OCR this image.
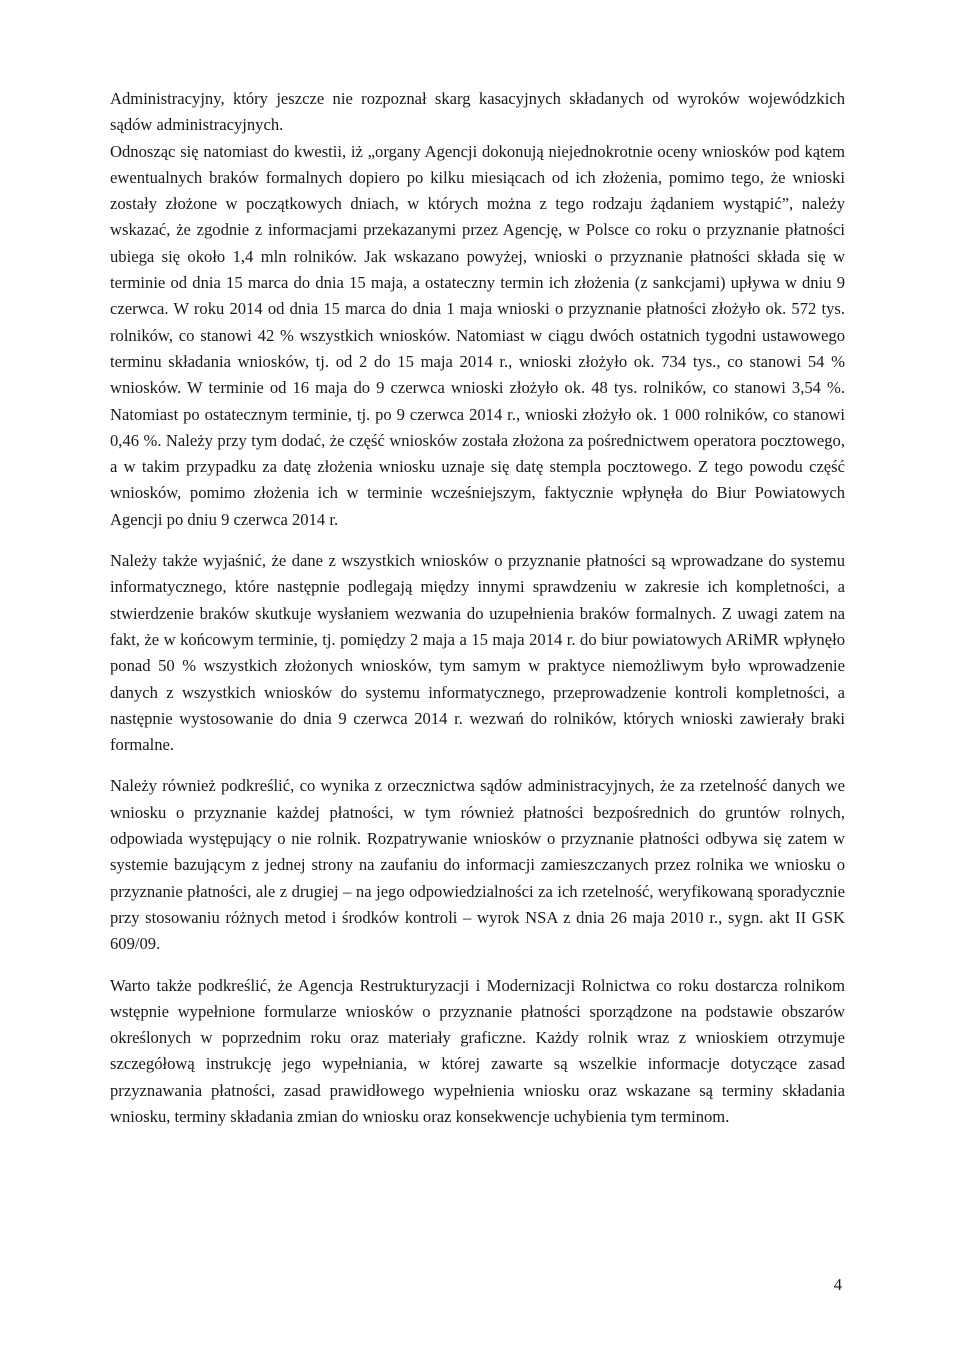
Administracyjny, który jeszcze nie rozpoznał skarg kasacyjnych składanych od wyroków wojewódzkich sądów administracyjnych.

Odnosząc się natomiast do kwestii, iż „organy Agencji dokonują niejednokrotnie oceny wniosków pod kątem ewentualnych braków formalnych dopiero po kilku miesiącach od ich złożenia, pomimo tego, że wnioski zostały złożone w początkowych dniach, w których można z tego rodzaju żądaniem wystąpić”, należy wskazać, że zgodnie z informacjami przekazanymi przez Agencję, w Polsce co roku o przyznanie płatności ubiega się około 1,4 mln rolników. Jak wskazano powyżej, wnioski o przyznanie płatności składa się w terminie od dnia 15 marca do dnia 15 maja, a ostateczny termin ich złożenia (z sankcjami) upływa w dniu 9 czerwca. W roku 2014 od dnia 15 marca do dnia 1 maja wnioski o przyznanie płatności złożyło ok. 572 tys. rolników, co stanowi 42 % wszystkich wniosków. Natomiast w ciągu dwóch ostatnich tygodni ustawowego terminu składania wniosków, tj. od 2 do 15 maja 2014 r., wnioski złożyło ok. 734 tys., co stanowi 54 % wniosków. W terminie od 16 maja do 9 czerwca wnioski złożyło ok. 48 tys. rolników, co stanowi 3,54 %. Natomiast po ostatecznym terminie, tj. po 9 czerwca 2014 r., wnioski złożyło ok. 1 000 rolników, co stanowi 0,46 %. Należy przy tym dodać, że część wniosków została złożona za pośrednictwem operatora pocztowego, a w takim przypadku za datę złożenia wniosku uznaje się datę stempla pocztowego. Z tego powodu część wniosków, pomimo złożenia ich w terminie wcześniejszym, faktycznie wpłynęła do Biur Powiatowych Agencji po dniu 9 czerwca 2014 r.

Należy także wyjaśnić, że dane z wszystkich wniosków o przyznanie płatności są wprowadzane do systemu informatycznego, które następnie podlegają między innymi sprawdzeniu w zakresie ich kompletności, a stwierdzenie braków skutkuje wysłaniem wezwania do uzupełnienia braków formalnych. Z uwagi zatem na fakt, że w końcowym terminie, tj. pomiędzy 2 maja a 15 maja 2014 r. do biur powiatowych ARiMR wpłynęło ponad 50 % wszystkich złożonych wniosków, tym samym w praktyce niemożliwym było wprowadzenie danych z wszystkich wniosków do systemu informatycznego, przeprowadzenie kontroli kompletności, a następnie wystosowanie do dnia 9 czerwca 2014 r. wezwań do rolników, których wnioski zawierały braki formalne.

Należy również podkreślić, co wynika z orzecznictwa sądów administracyjnych, że za rzetelność danych we wniosku o przyznanie każdej płatności, w tym również płatności bezpośrednich do gruntów rolnych, odpowiada występujący o nie rolnik. Rozpatrywanie wniosków o przyznanie płatności odbywa się zatem w systemie bazującym z jednej strony na zaufaniu do informacji zamieszczanych przez rolnika we wniosku o przyznanie płatności, ale z drugiej – na jego odpowiedzialności za ich rzetelność, weryfikowaną sporadycznie przy stosowaniu różnych metod i środków kontroli – wyrok NSA z dnia 26 maja 2010 r., sygn. akt II GSK 609/09.

Warto także podkreślić, że Agencja Restrukturyzacji i Modernizacji Rolnictwa co roku dostarcza rolnikom wstępnie wypełnione formularze wniosków o przyznanie płatności sporządzone na podstawie obszarów określonych w poprzednim roku oraz materiały graficzne. Każdy rolnik wraz z wnioskiem otrzymuje szczegółową instrukcję jego wypełniania, w której zawarte są wszelkie informacje dotyczące zasad przyznawania płatności, zasad prawidłowego wypełnienia wniosku oraz wskazane są terminy składania wniosku, terminy składania zmian do wniosku oraz konsekwencje uchybienia tym terminom.

4
